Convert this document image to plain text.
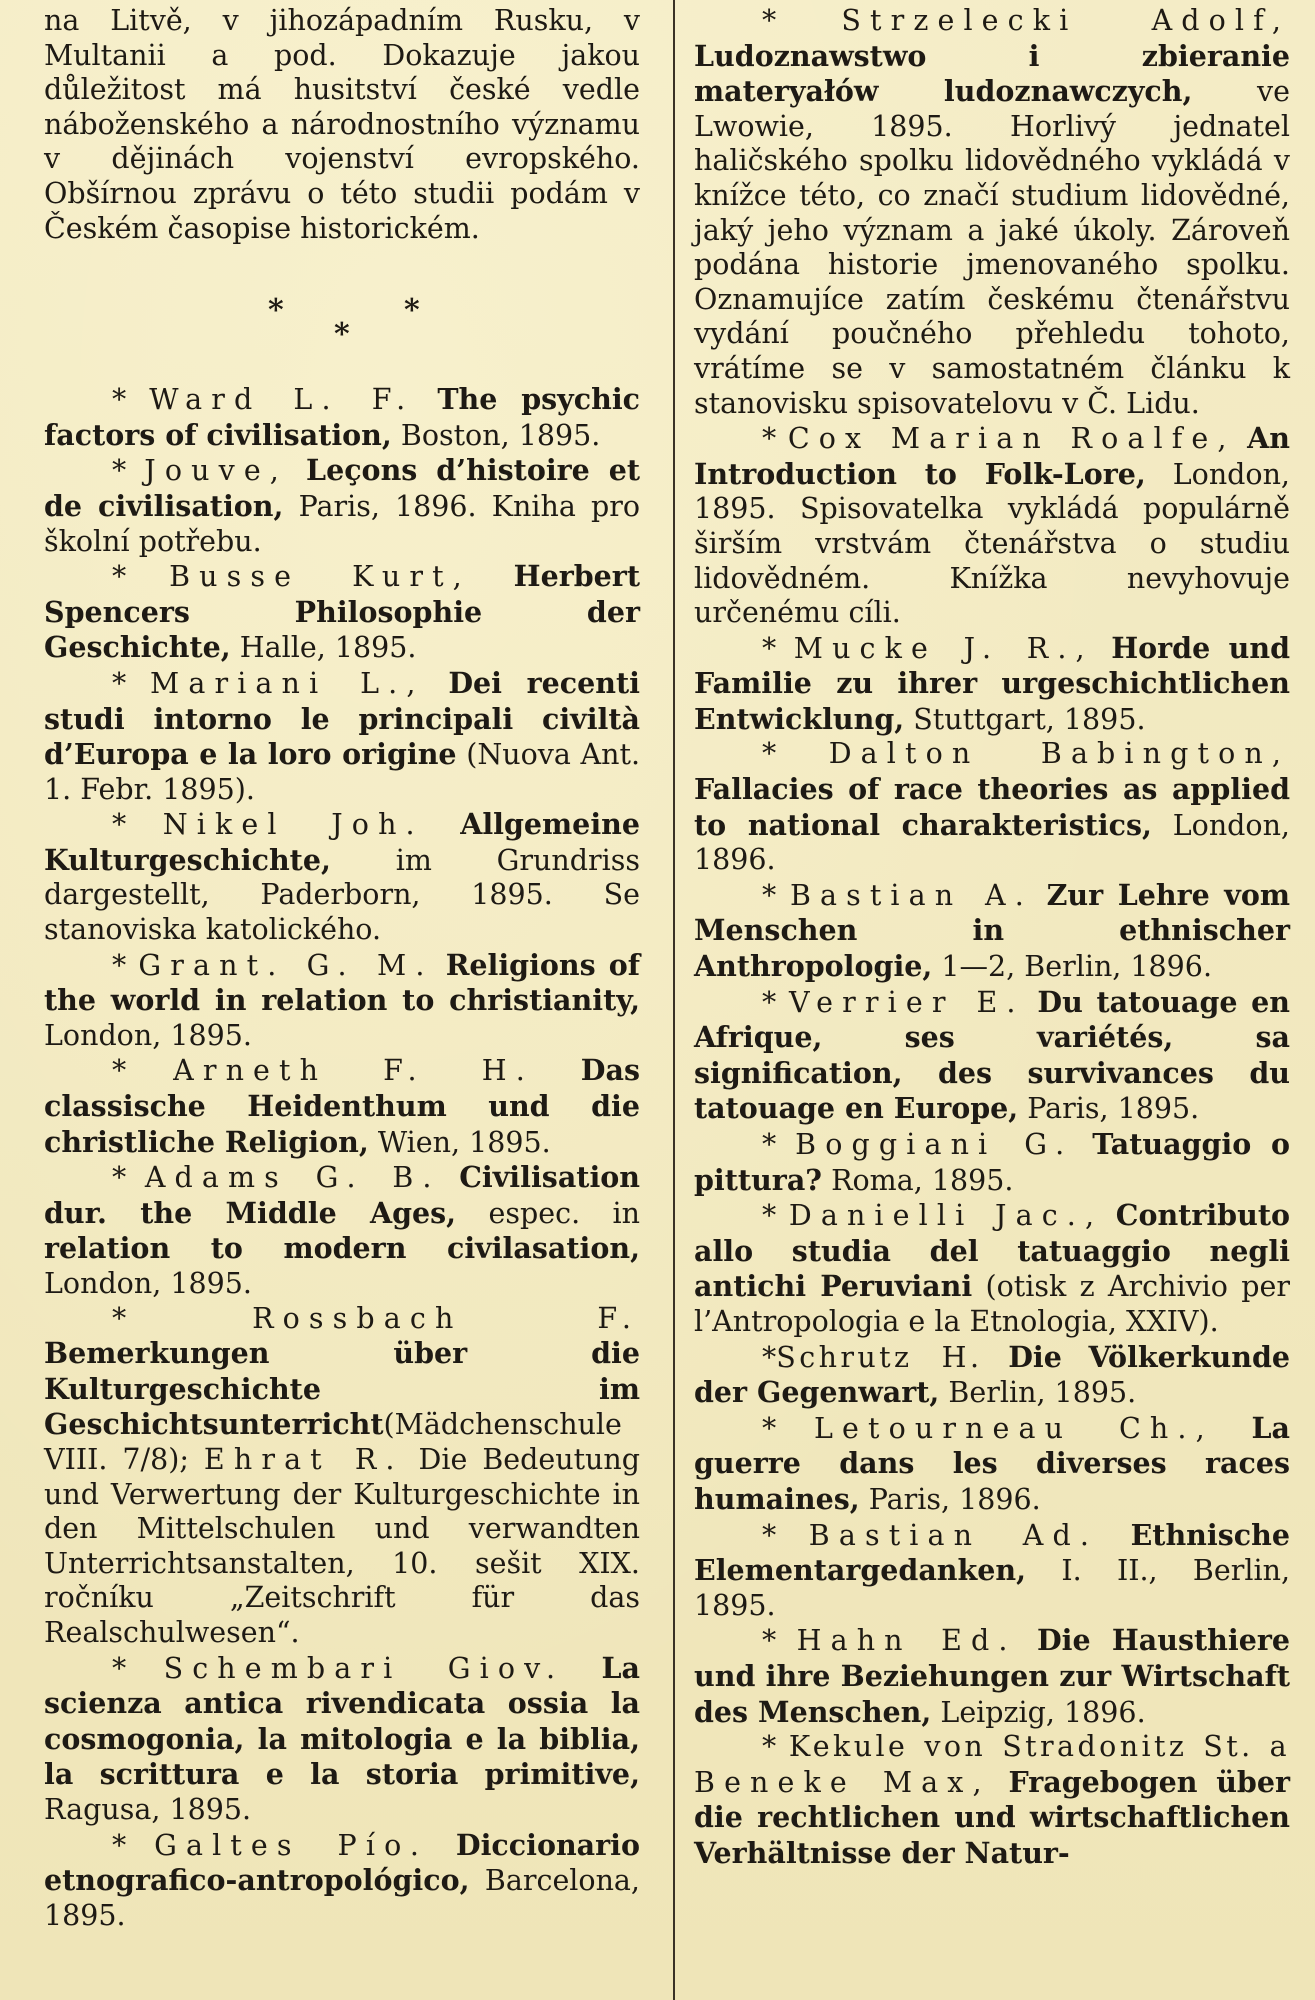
na Litvě, v jihozápadním Rusku, v Multanii a pod. Dokazuje jakou důležitost má husitství české vedle náboženského a národnostního významu v dějinách vojenství evropského. Obšírnou zprávu o této studii podám v Českém časopise historickém.

*
*
*

* Ward L. F. The psychic factors of civilisation, Boston, 1895.

* Jouve, Leçons d’histoire et de civilisation, Paris, 1896. Kniha pro školní potřebu.

* Busse Kurt, Herbert Spencers Philosophie der Geschichte, Halle, 1895.

* Mariani L., Dei recenti studi intorno le principali civiltà d’Europa e la loro origine (Nuova Ant. 1. Febr. 1895).

* Nikel Joh. Allgemeine Kulturgeschichte, im Grundriss dargestellt, Paderborn, 1895. Se stanoviska katolického.

* Grant. G. M. Religions of the world in relation to christianity, London, 1895.

* Arneth F. H. Das classische Heidenthum und die christliche Religion, Wien, 1895.

* Adams G. B. Civilisation dur. the Middle Ages, espec. in relation to modern civilasation, London, 1895.

* Rossbach F. Bemerkungen über die Kulturgeschichte im Geschichtsunterricht(Mädchenschule VIII. 7/8); Ehrat R. Die Bedeutung und Verwertung der Kulturgeschichte in den Mittelschulen und verwandten Unterrichtsanstalten, 10. sešit XIX. ročníku „Zeitschrift für das Realschulwesen“.

* Schembari Giov. La scienza antica rivendicata ossia la cosmogonia, la mitologia e la biblia, la scrittura e la storia primitive, Ragusa, 1895.

* Galtes Pío. Diccionario etnografico-antropológico, Barcelona, 1895.

* Strzelecki Adolf, Ludoznawstwo i zbieranie materyałów ludoznawczych, ve Lwowie, 1895. Horlivý jednatel haličského spolku lidovědného vykládá v knížce této, co značí studium lidovědné, jaký jeho význam a jaké úkoly. Zároveň podána historie jmenovaného spolku. Oznamujíce zatím českému čtenářstvu vydání poučného přehledu tohoto, vrátíme se v samostatném článku k stanovisku spisovatelovu v Č. Lidu.

* Cox Marian Roalfe, An Introduction to Folk-Lore, London, 1895. Spisovatelka vykládá populárně širším vrstvám čtenářstva o studiu lidovědném. Knížka nevyhovuje určenému cíli.

* Mucke J. R., Horde und Familie zu ihrer urgeschichtlichen Entwicklung, Stuttgart, 1895.

* Dalton Babington, Fallacies of race theories as applied to national charakteristics, London, 1896.

* Bastian A. Zur Lehre vom Menschen in ethnischer Anthropologie, 1—2, Berlin, 1896.

* Verrier E. Du tatouage en Afrique, ses variétés, sa signification, des survivances du tatouage en Europe, Paris, 1895.

* Boggiani G. Tatuaggio o pittura? Roma, 1895.

* Danielli Jac., Contributo allo studia del tatuaggio negli antichi Peruviani (otisk z Archivio per l’Antropologia e la Etnologia, XXIV).

*Schrutz H. Die Völkerkunde der Gegenwart, Berlin, 1895.

* Letourneau Ch., La guerre dans les diverses races humaines, Paris, 1896.

* Bastian Ad. Ethnische Elementargedanken, I. II., Berlin, 1895.

* Hahn Ed. Die Hausthiere und ihre Beziehungen zur Wirtschaft des Menschen, Leipzig, 1896.

* Kekule von Stradonitz St. a Beneke Max, Fragebogen über die rechtlichen und wirtschaftlichen Verhältnisse der Natur-
